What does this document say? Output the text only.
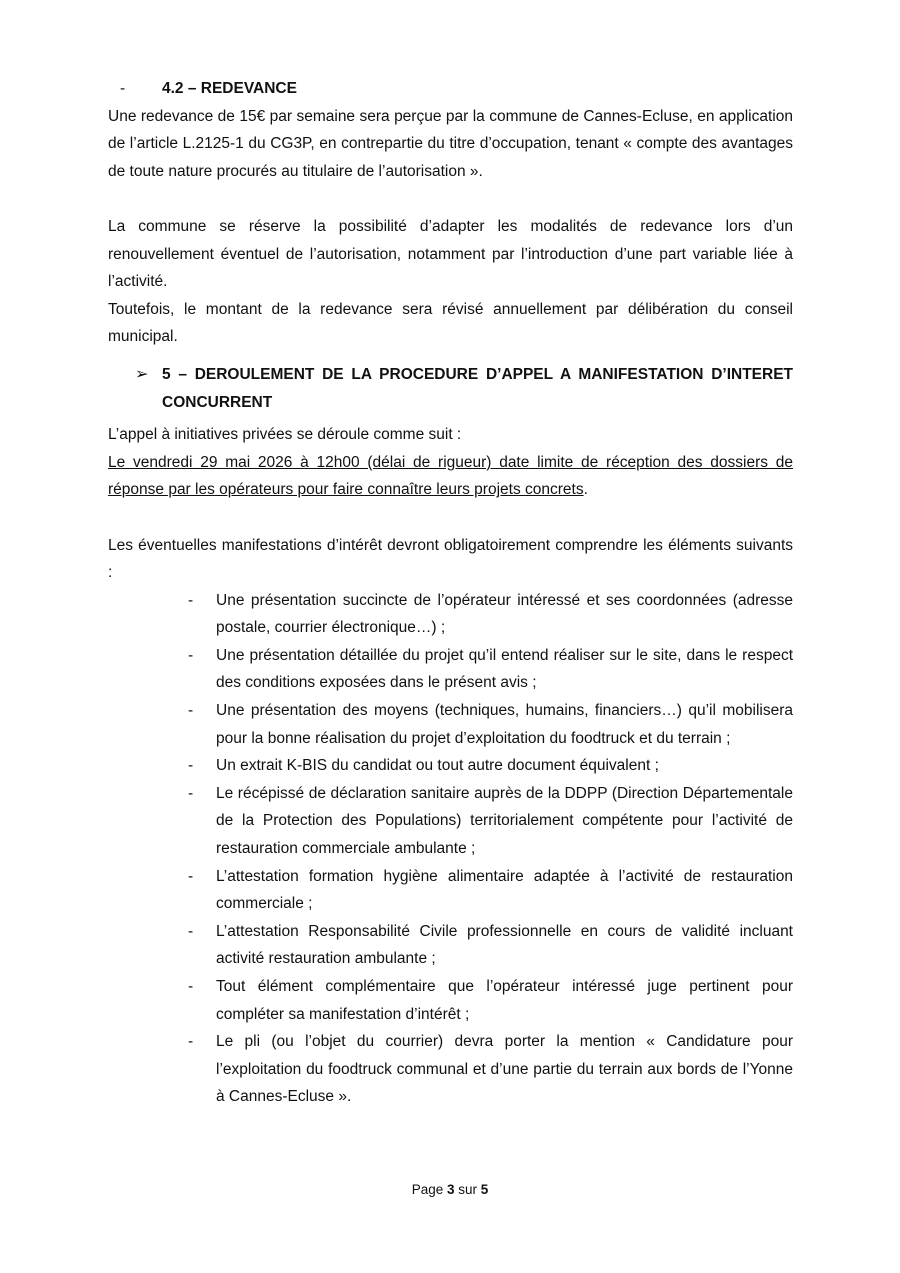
- 4.2 – REDEVANCE

Une redevance de 15€ par semaine sera perçue par la commune de Cannes-Ecluse, en application de l’article L.2125-1 du CG3P, en contrepartie du titre d’occupation, tenant « compte des avantages de toute nature procurés au titulaire de l’autorisation ».

La commune se réserve la possibilité d’adapter les modalités de redevance lors d’un renouvellement éventuel de l’autorisation, notamment par l’introduction d’une part variable liée à l’activité.

Toutefois, le montant de la redevance sera révisé annuellement par délibération du conseil municipal.

➢ 5 – DEROULEMENT DE LA PROCEDURE D’APPEL A MANIFESTATION D’INTERET CONCURRENT

L’appel à initiatives privées se déroule comme suit :

Le vendredi 29 mai 2026 à 12h00 (délai de rigueur) date limite de réception des dossiers de réponse par les opérateurs pour faire connaître leurs projets concrets.

Les éventuelles manifestations d’intérêt devront obligatoirement comprendre les éléments suivants :

- Une présentation succincte de l’opérateur intéressé et ses coordonnées (adresse postale, courrier électronique…) ;
- Une présentation détaillée du projet qu’il entend réaliser sur le site, dans le respect des conditions exposées dans le présent avis ;
- Une présentation des moyens (techniques, humains, financiers…) qu’il mobilisera pour la bonne réalisation du projet d’exploitation du foodtruck et du terrain ;
- Un extrait K-BIS du candidat ou tout autre document équivalent ;
- Le récépissé de déclaration sanitaire auprès de la DDPP (Direction Départementale de la Protection des Populations) territorialement compétente pour l’activité de restauration commerciale ambulante ;
- L’attestation formation hygiène alimentaire adaptée à l’activité de restauration commerciale ;
- L’attestation Responsabilité Civile professionnelle en cours de validité incluant activité restauration ambulante ;
- Tout élément complémentaire que l’opérateur intéressé juge pertinent pour compléter sa manifestation d’intérêt ;
- Le pli (ou l’objet du courrier) devra porter la mention « Candidature pour l’exploitation du foodtruck communal et d’une partie du terrain aux bords de l’Yonne à Cannes-Ecluse ».
Page 3 sur 5
